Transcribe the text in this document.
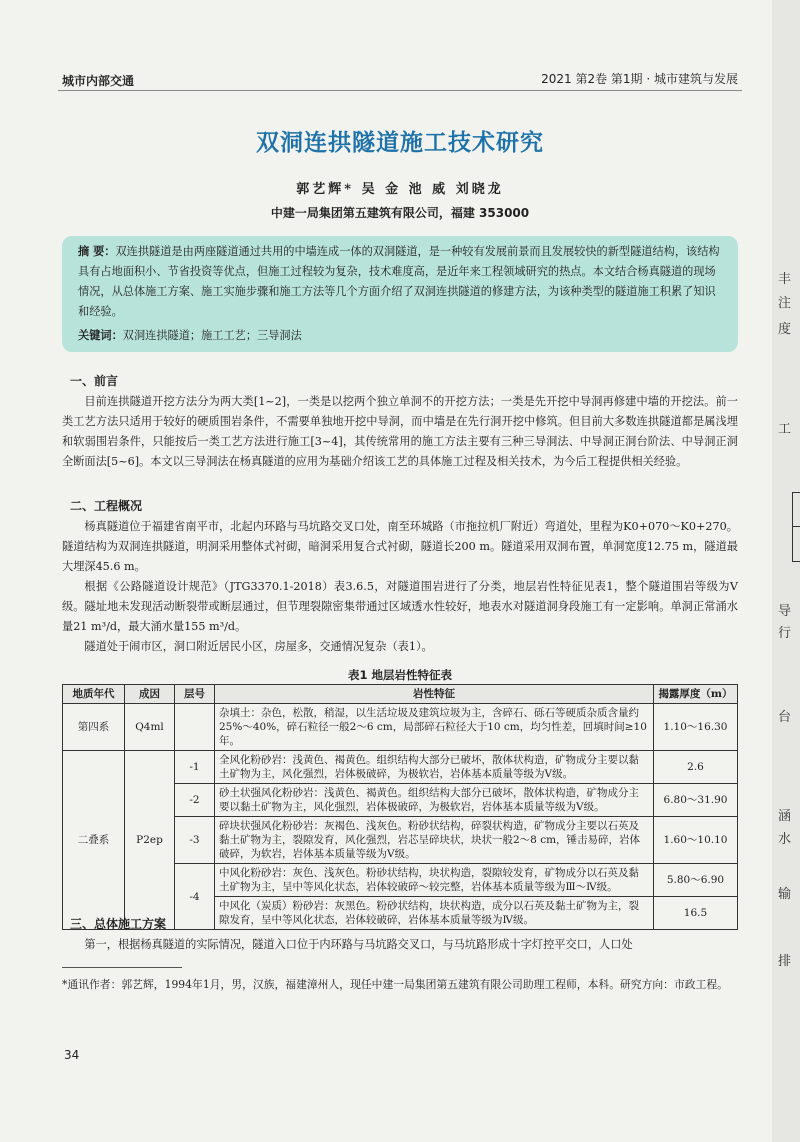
城市内部交通	2021 第2卷 第1期 · 城市建筑与发展
双洞连拱隧道施工技术研究
郭艺辉* 吴 金 池 威 刘晓龙
中建一局集团第五建筑有限公司，福建 353000
摘 要：双连拱隧道是由两座隧道通过共用的中墙连成一体的双洞隧道，是一种较有发展前景而且发展较快的新型隧道结构，该结构具有占地面积小、节省投资等优点，但施工过程较为复杂，技术难度高，是近年来工程领域研究的热点。本文结合杨真隧道的现场情况，从总体施工方案、施工实施步骤和施工方法等几个方面介绍了双洞连拱隧道的修建方法，为该种类型的隧道施工积累了知识和经验。
关键词：双洞连拱隧道；施工工艺；三导洞法
一、前言

目前连拱隧道开挖方法分为两大类[1~2]，一类是以挖两个独立单洞不的开挖方法；一类是先开挖中导洞再修建中墙的开挖法。前一类工艺方法只适用于较好的硬质围岩条件，不需要单独地开挖中导洞，而中墙是在先行洞开挖中修筑。但目前大多数连拱隧道都是属浅埋和软弱围岩条件，只能按后一类工艺方法进行施工[3~4]，其传统常用的施工方法主要有三种三导洞法、中导洞正洞台阶法、中导洞正洞全断面法[5~6]。本文以三导洞法在杨真隧道的应用为基础介绍该工艺的具体施工过程及相关技术，为今后工程提供相关经验。

二、工程概况

杨真隧道位于福建省南平市，北起内环路与马坑路交叉口处，南至环城路（市拖拉机厂附近）弯道处，里程为K0+070～K0+270。隧道结构为双洞连拱隧道，明洞采用整体式衬砌，暗洞采用复合式衬砌，隧道长200 m。隧道采用双洞布置，单洞宽度12.75 m，隧道最大埋深45.6 m。

根据《公路隧道设计规范》（JTG3370.1-2018）表3.6.5，对隧道围岩进行了分类，地层岩性特征见表1，整个隧道围岩等级为Ⅴ级。隧址地未发现活动断裂带或断层通过，但节理裂隙密集带通过区域透水性较好，地表水对隧道洞身段施工有一定影响。单洞正常涌水量21 m³/d，最大涌水量155 m³/d。

隧道处于闹市区，洞口附近居民小区，房屋多，交通情况复杂（表1）。

表1 地层岩性特征表
地质年代	成因	层号	岩性特征	揭露厚度（m）
第四系	Q4ml		杂填土：杂色，松散，稍湿，以生活垃圾及建筑垃圾为主，含碎石、砾石等硬质杂质含量约25%～40%，碎石粒径一般2～6 cm，局部碎石粒径大于10 cm，均匀性差，回填时间≥10年。	1.10～16.30
二叠系	P2ep	-1	全风化粉砂岩：浅黄色、褐黄色。组织结构大部分已破坏，散体状构造，矿物成分主要以黏土矿物为主，风化强烈，岩体极破碎，为极软岩，岩体基本质量等级为Ⅴ级。	2.6
		-2	砂土状强风化粉砂岩：浅黄色、褐黄色。组织结构大部分已破坏，散体状构造，矿物成分主要以黏土矿物为主，风化强烈，岩体极破碎，为极软岩，岩体基本质量等级为Ⅴ级。	6.80～31.90
		-3	碎块状强风化粉砂岩：灰褐色、浅灰色。粉砂状结构，碎裂状构造，矿物成分主要以石英及黏土矿物为主，裂隙发育，风化强烈，岩芯呈碎块状，块状一般2～8 cm，锤击易碎，岩体破碎，为软岩，岩体基本质量等级为Ⅴ级。	1.60～10.10
		-4	中风化粉砂岩：灰色、浅灰色。粉砂状结构，块状构造，裂隙较发育，矿物成分以石英及黏土矿物为主，呈中等风化状态，岩体较破碎～较完整，岩体基本质量等级为Ⅲ～Ⅳ级。	5.80～6.90
			中风化（炭质）粉砂岩：灰黑色。粉砂状结构，块状构造，成分以石英及黏土矿物为主，裂隙发育，呈中等风化状态，岩体较破碎，岩体基本质量等级为Ⅳ级。	16.5
三、总体施工方案

第一，根据杨真隧道的实际情况，隧道入口位于内环路与马坑路交叉口，与马坑路形成十字灯控平交口，人口处

*通讯作者：郭艺辉，1994年1月，男，汉族，福建漳州人，现任中建一局集团第五建筑有限公司助理工程师，本科。研究方向：市政工程。
34
丰
注
度
工
导
行
台
涵
水
输
排
